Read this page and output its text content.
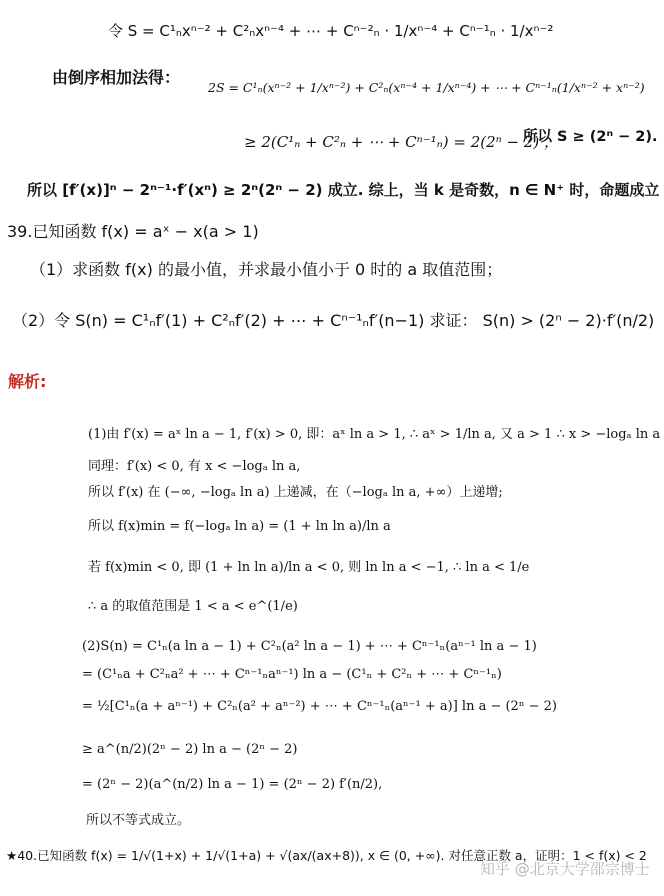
令 S = C¹ₙxⁿ⁻² + C²ₙxⁿ⁻⁴ + ⋯ + Cⁿ⁻²ₙ · 1/xⁿ⁻⁴ + Cⁿ⁻¹ₙ · 1/xⁿ⁻²
由倒序相加法得：
2S = C¹ₙ(xⁿ⁻² + 1/xⁿ⁻²) + C²ₙ(xⁿ⁻⁴ + 1/xⁿ⁻⁴) + ⋯ + Cⁿ⁻¹ₙ(1/xⁿ⁻² + xⁿ⁻²)
≥ 2(C¹ₙ + C²ₙ + ⋯ + Cⁿ⁻¹ₙ) = 2(2ⁿ − 2) ，
所以 S ≥ (2ⁿ − 2).
所以 [f′(x)]ⁿ − 2ⁿ⁻¹·f′(xⁿ) ≥ 2ⁿ(2ⁿ − 2) 成立. 综上，当 k 是奇数，n ∈ N⁺ 时，命题成立
39.已知函数 f(x) = aˣ − x(a > 1)
（1）求函数 f(x) 的最小值，并求最小值小于 0 时的 a 取值范围；
（2）令 S(n) = C¹ₙf′(1) + C²ₙf′(2) + ⋯ + Cⁿ⁻¹ₙf′(n−1) 求证： S(n) > (2ⁿ − 2)·f′(n/2)
解析:
(1)由 f′(x) = aˣ ln a − 1, f′(x) > 0, 即：aˣ ln a > 1, ∴ aˣ > 1/ln a, 又 a > 1 ∴ x > −logₐ ln a
同理：f′(x) < 0, 有 x < −logₐ ln a,
所以 f′(x) 在 (−∞, −logₐ ln a) 上递减，在（−logₐ ln a, +∞）上递增;
所以 f(x)min = f(−logₐ ln a) = (1 + ln ln a)/ln a
若 f(x)min < 0, 即 (1 + ln ln a)/ln a < 0, 则 ln ln a < −1, ∴ ln a < 1/e
∴ a 的取值范围是 1 < a < e^(1/e)
(2)S(n) = C¹ₙ(a ln a − 1) + C²ₙ(a² ln a − 1) + ⋯ + Cⁿ⁻¹ₙ(aⁿ⁻¹ ln a − 1)
= (C¹ₙa + C²ₙa² + ⋯ + Cⁿ⁻¹ₙaⁿ⁻¹) ln a − (C¹ₙ + C²ₙ + ⋯ + Cⁿ⁻¹ₙ)
= ½[C¹ₙ(a + aⁿ⁻¹) + C²ₙ(a² + aⁿ⁻²) + ⋯ + Cⁿ⁻¹ₙ(aⁿ⁻¹ + a)] ln a − (2ⁿ − 2)
≥ a^(n/2)(2ⁿ − 2) ln a − (2ⁿ − 2)
= (2ⁿ − 2)(a^(n/2) ln a − 1) = (2ⁿ − 2) f′(n/2),
所以不等式成立。
★40.已知函数 f(x) = 1/√(1+x) + 1/√(1+a) + √(ax/(ax+8)), x ∈ (0, +∞). 对任意正数 a，证明：1 < f(x) < 2
知乎 @北京大学邵宗博士
